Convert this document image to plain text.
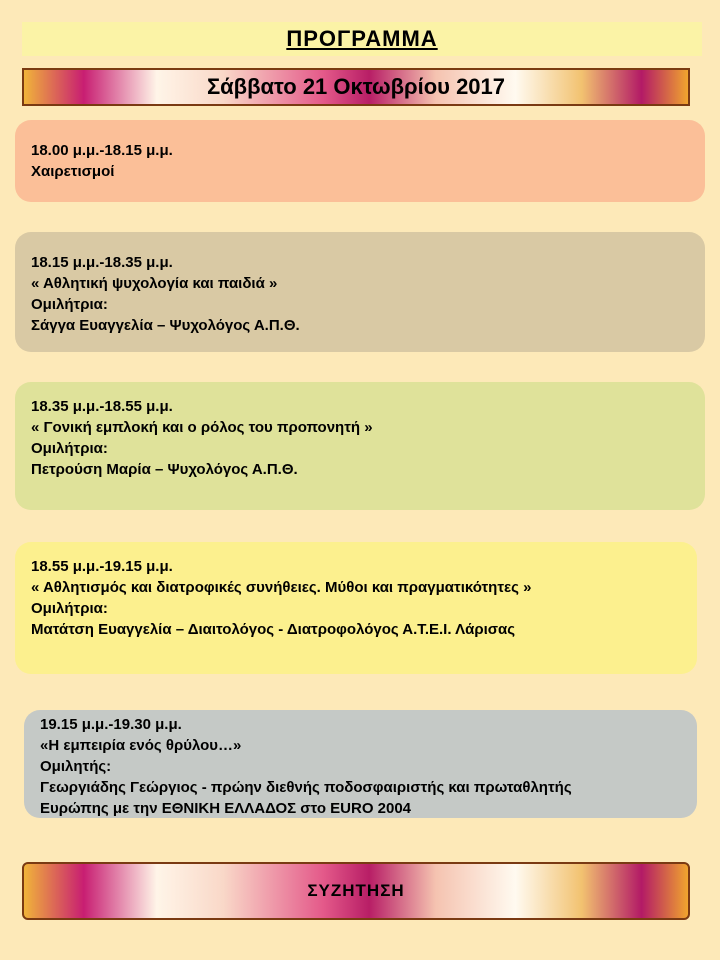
ΠΡΟΓΡΑΜΜΑ
Σάββατο 21 Οκτωβρίου 2017
18.00 μ.μ.-18.15 μ.μ.
Χαιρετισμοί
18.15 μ.μ.-18.35 μ.μ.
« Αθλητική ψυχολογία και παιδιά »
Ομιλήτρια:
Σάγγα Ευαγγελία – Ψυχολόγος Α.Π.Θ.
18.35 μ.μ.-18.55 μ.μ.
« Γονική εμπλοκή και ο ρόλος του προπονητή »
Ομιλήτρια:
Πετρούση Μαρία – Ψυχολόγος Α.Π.Θ.
18.55 μ.μ.-19.15 μ.μ.
« Αθλητισμός και διατροφικές συνήθειες. Μύθοι και πραγματικότητες »
Ομιλήτρια:
Ματάτση Ευαγγελία – Διαιτολόγος - Διατροφολόγος Α.Τ.Ε.Ι. Λάρισας
19.15 μ.μ.-19.30 μ.μ.
«Η εμπειρία ενός θρύλου…»
Ομιλητής:
Γεωργιάδης Γεώργιος - πρώην διεθνής ποδοσφαιριστής και πρωταθλητής
Ευρώπης με την ΕΘΝΙΚΗ ΕΛΛΑΔΟΣ στο EURO 2004
ΣΥΖΗΤΗΣΗ
